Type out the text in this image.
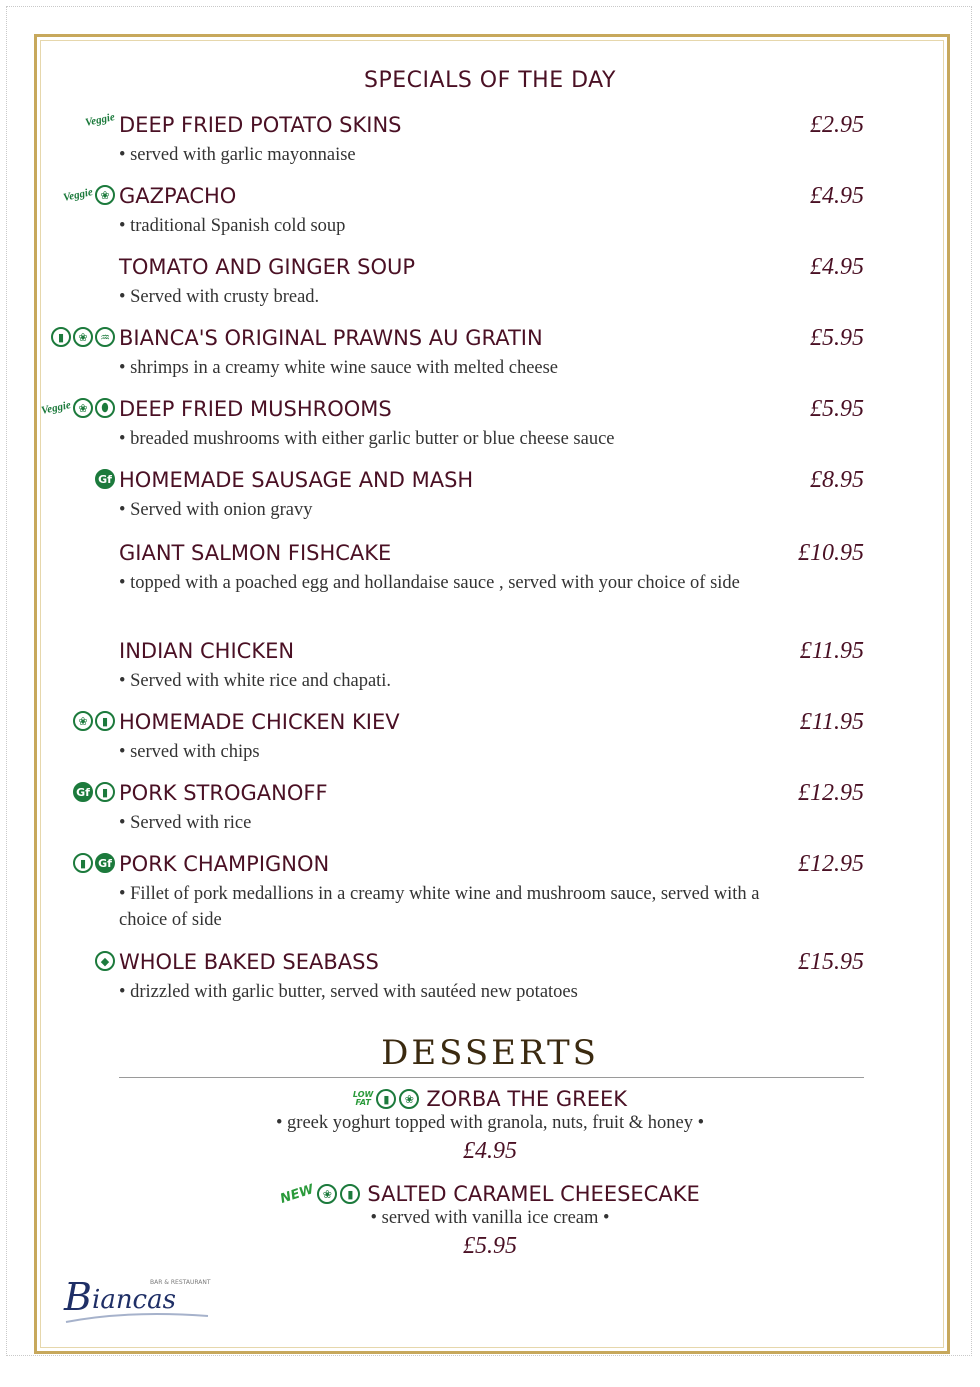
SPECIALS OF THE DAY
Veggie DEEP FRIED POTATO SKINS
• served with garlic mayonnaise
£2.95
Veggie ❀ GAZPACHO
• traditional Spanish cold soup
£4.95
TOMATO AND GINGER SOUP
• Served with crusty bread.
£4.95
▮	❀	♒ BIANCA'S ORIGINAL PRAWNS AU GRATIN
• shrimps in a creamy white wine sauce with melted cheese
£5.95
Veggie ❀	⬮ DEEP FRIED MUSHROOMS
• breaded mushrooms with either garlic butter or blue cheese sauce
£5.95
Gf HOMEMADE SAUSAGE AND MASH
• Served with onion gravy
£8.95
GIANT SALMON FISHCAKE
• topped with a poached egg and hollandaise sauce , served with your choice of side
£10.95
INDIAN CHICKEN
• Served with white rice and chapati.
£11.95
❀	▮ HOMEMADE CHICKEN KIEV
• served with chips
£11.95
Gf	▮ PORK STROGANOFF
• Served with rice
£12.95
▮	Gf PORK CHAMPIGNON
• Fillet of pork medallions in a creamy white wine and mushroom sauce, served with a choice of side
£12.95
◆ WHOLE BAKED SEABASS
• drizzled with garlic butter, served with sautéed new potatoes
£15.95
DESSERTS
LOW
FAT	▮	❀ ZORBA THE GREEK
• greek yoghurt topped with granola, nuts, fruit & honey •
£4.95
NEW ❀	▮ SALTED CARAMEL CHEESECAKE
• served with vanilla ice cream •
£5.95
B iancas
BAR & RESTAURANT
